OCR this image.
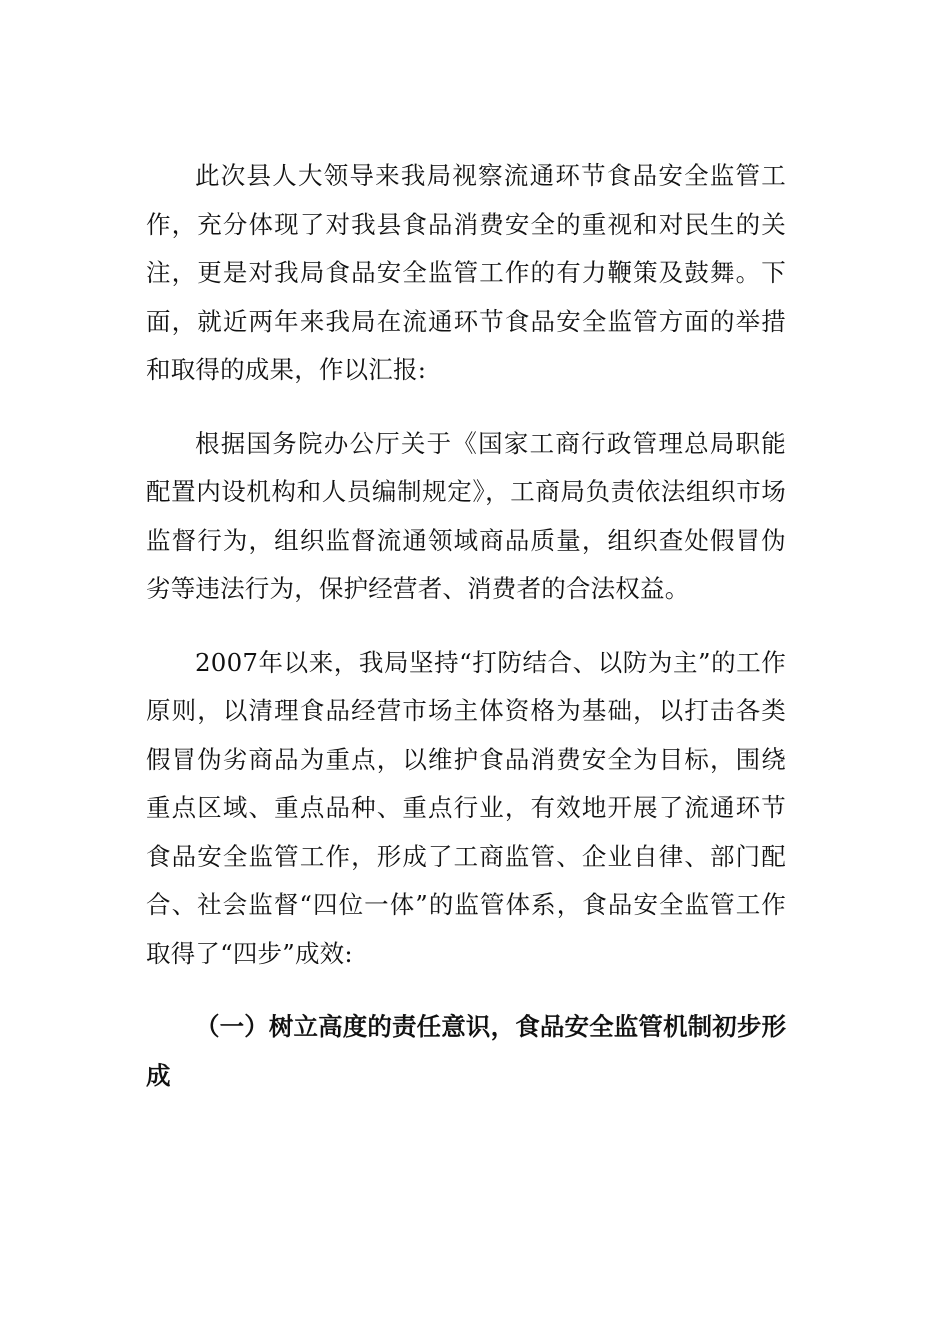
此次县人大领导来我局视察流通环节食品安全监管工作，充分体现了对我县食品消费安全的重视和对民生的关注，更是对我局食品安全监管工作的有力鞭策及鼓舞。下面，就近两年来我局在流通环节食品安全监管方面的举措和取得的成果，作以汇报:

根据国务院办公厅关于《国家工商行政管理总局职能配置内设机构和人员编制规定》，工商局负责依法组织市场监督行为，组织监督流通领域商品质量，组织查处假冒伪劣等违法行为，保护经营者、消费者的合法权益。

2007年以来，我局坚持“打防结合、以防为主”的工作原则，以清理食品经营市场主体资格为基础，以打击各类假冒伪劣商品为重点，以维护食品消费安全为目标，围绕重点区域、重点品种、重点行业，有效地开展了流通环节食品安全监管工作，形成了工商监管、企业自律、部门配合、社会监督“四位一体”的监管体系，食品安全监管工作取得了“四步”成效:

（一）树立高度的责任意识，食品安全监管机制初步形成
